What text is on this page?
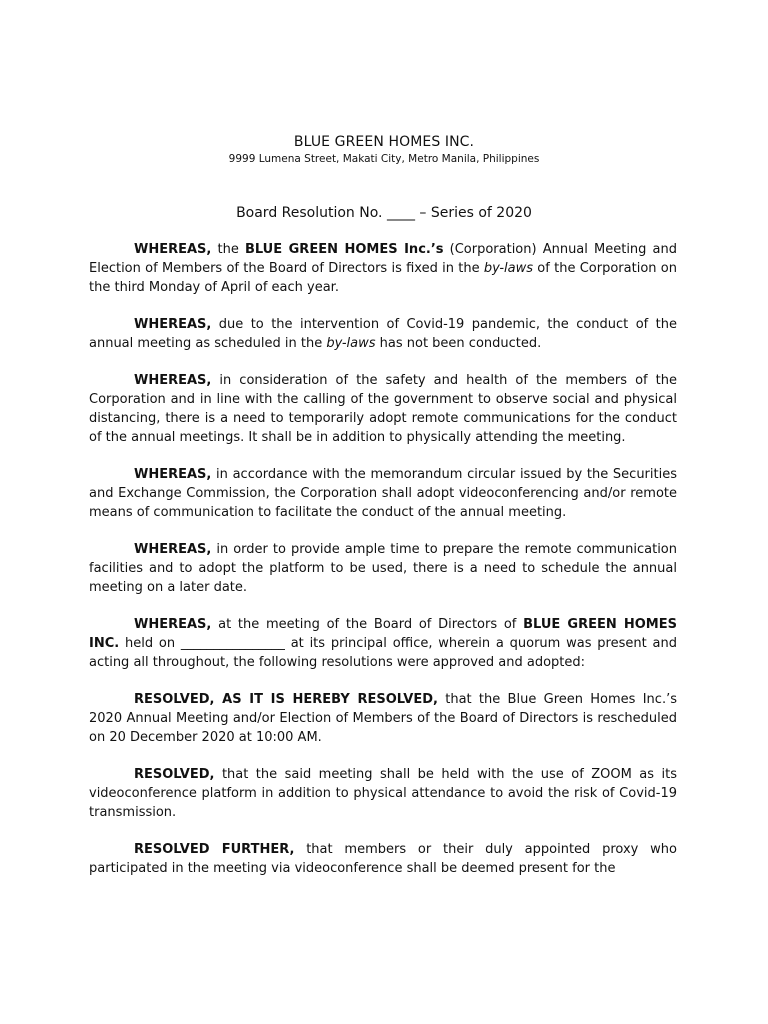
BLUE GREEN HOMES INC.
9999 Lumena Street, Makati City, Metro Manila, Philippines
Board Resolution No. ____ – Series of 2020

WHEREAS, the BLUE GREEN HOMES Inc.’s (Corporation) Annual Meeting and Election of Members of the Board of Directors is fixed in the by-laws of the Corporation on the third Monday of April of each year.

WHEREAS, due to the intervention of Covid-19 pandemic, the conduct of the annual meeting as scheduled in the by-laws has not been conducted.

WHEREAS, in consideration of the safety and health of the members of the Corporation and in line with the calling of the government to observe social and physical distancing, there is a need to temporarily adopt remote communications for the conduct of the annual meetings. It shall be in addition to physically attending the meeting.

WHEREAS, in accordance with the memorandum circular issued by the Securities and Exchange Commission, the Corporation shall adopt videoconferencing and/or remote means of communication to facilitate the conduct of the annual meeting.

WHEREAS, in order to provide ample time to prepare the remote communication facilities and to adopt the platform to be used, there is a need to schedule the annual meeting on a later date.

WHEREAS, at the meeting of the Board of Directors of BLUE GREEN HOMES INC. held on ________________ at its principal office, wherein a quorum was present and acting all throughout, the following resolutions were approved and adopted:

RESOLVED, AS IT IS HEREBY RESOLVED, that the Blue Green Homes Inc.’s 2020 Annual Meeting and/or Election of Members of the Board of Directors is rescheduled on 20 December 2020 at 10:00 AM.

RESOLVED, that the said meeting shall be held with the use of ZOOM as its videoconference platform in addition to physical attendance to avoid the risk of Covid-19 transmission.

RESOLVED FURTHER, that members or their duly appointed proxy who participated in the meeting via videoconference shall be deemed present for the
